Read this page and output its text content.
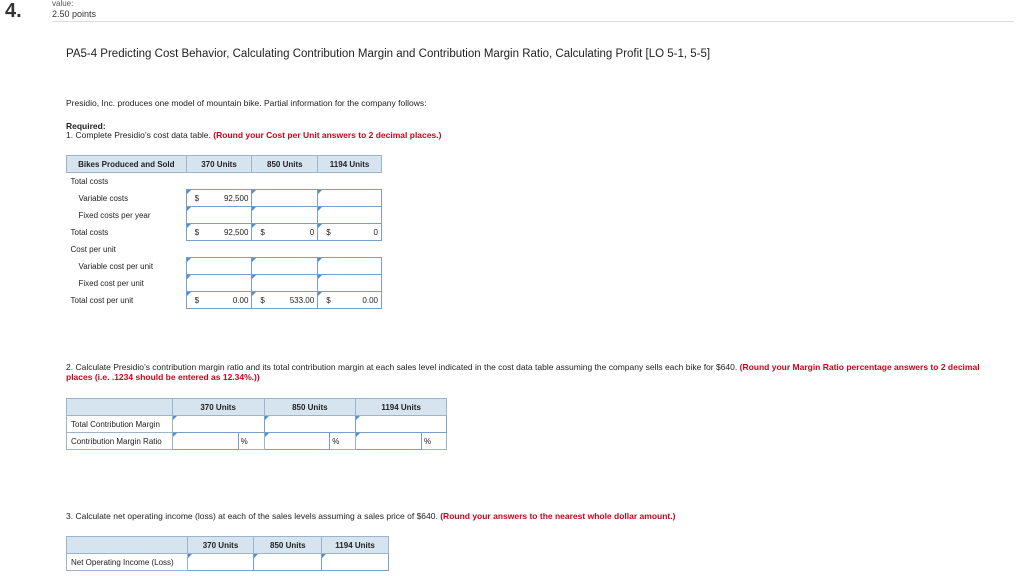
4.	value:
2.50 points
PA5-4 Predicting Cost Behavior, Calculating Contribution Margin and Contribution Margin Ratio, Calculating Profit [LO 5-1, 5-5]
Presidio, Inc. produces one model of mountain bike. Partial information for the company follows:
Required:
1. Complete Presidio’s cost data table. (Round your Cost per Unit answers to 2 decimal places.)
Bikes Produced and Sold	370 Units	850 Units	1194 Units
Total costs			
Variable costs	$ 92,500		

Fixed costs per year			
Total costs	$ 92,500	$ 0	$ 0

Cost per unit			
Variable cost per unit			
Fixed cost per unit			
Total cost per unit	$ 0.00	$ 533.00	$ 0.00
2. Calculate Presidio’s contribution margin ratio and its total contribution margin at each sales level indicated in the cost data table assuming the company sells each bike for $640. (Round your Margin Ratio percentage answers to 2 decimal places (i.e. .1234 should be entered as 12.34%.))
	370 Units		850 Units		1194 Units	
Total Contribution Margin						
Contribution Margin Ratio		%		%		%
3. Calculate net operating income (loss) at each of the sales levels assuming a sales price of $640. (Round your answers to the nearest whole dollar amount.)
	370 Units	850 Units	1194 Units
Net Operating Income (Loss)			
